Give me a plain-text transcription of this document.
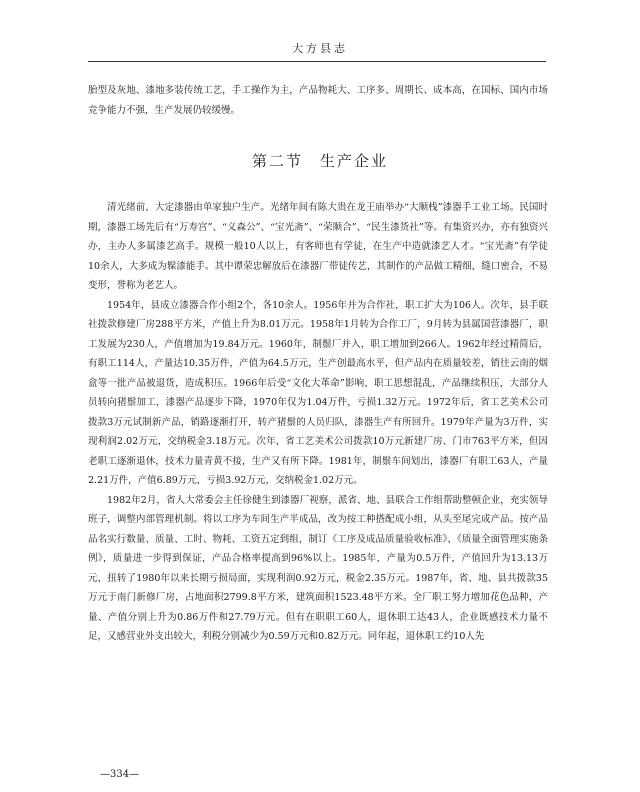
大方县志

胎型及灰地、漆地多装传统工艺，手工操作为主，产品物耗大、工序多、周期长、成本高，在国标、国内市场竞争能力不强，生产发展仍较缓慢。

第二节　生产企业

清光绪前，大定漆器由单家独户生产。光绪年间有陈大贵在龙王庙举办“大顺栈”漆器手工业工场。民国时期，漆器工场先后有“万寿宫”、“义森公”、“宝光斋”、“荣顺合”、“民生漆货社”等。有集资兴办，亦有独资兴办，主办人多属漆艺高手。规模一般10人以上，有客师也有学徒，在生产中造就漆艺人才。“宝光斋”有学徒10余人，大多成为髹漆能手。其中谭荣忠解放后在漆器厂带徒传艺，其制作的产品做工精细，缝口密合，不易变形，誉称为老艺人。

1954年，县成立漆器合作小组2个，各10余人。1956年并为合作社，职工扩大为106人。次年，县手联社拨款修建厂房288平方米，产值上升为8.01万元。1958年1月转为合作工厂，9月转为县属国营漆器厂，职工发展为230人，产值增加为19.84万元。1960年，制鬃厂并入，职工增加到266人。1962年经过精简后，有职工114人，产量达10.35万件，产值为64.5万元，生产创最高水平，但产品内在质量较差，销往云南的烟盒等一批产品被退货，造成积压。1966年后受“文化大革命”影响，职工思想混乱，产品继续积压，大部分人员转向猪鬃加工，漆器产品逐步下降，1970年仅为1.04万件，亏损1.32万元。1972年后，省工艺美术公司拨款3万元试制新产品，销路逐渐打开，转产猪鬃的人员归队，漆器生产有所回升。1979年产量为3万件，实现利润2.02万元，交纳税金3.18万元。次年，省工艺美术公司拨款10万元新建厂房、门市763平方米，但因老职工逐渐退休，技术力量青黄不接，生产又有所下降。1981年，制鬃车间划出，漆器厂有职工63人，产量2.21万件，产值6.89万元，亏损3.92万元，交纳税金1.02万元。

1982年2月，省人大常委会主任徐健生到漆器厂视察，派省、地、县联合工作组帮助整顿企业，充实领导班子，调整内部管理机制。将以工序为车间生产半成品，改为按工种搭配成小组，从头至尾完成产品。按产品品名实行数量、质量、工时、物耗、工资五定到组，制订《工序及成品质量验收标准》、《质量全面管理实施条例》，质量进一步得到保证，产品合格率提高到96%以上。1985年，产量为0.5万件，产值回升为13.13万元，扭转了1980年以来长期亏损局面，实现利润0.92万元，税金2.35万元。1987年，省、地、县共拨款35万元于南门新修厂房，占地面积2799.8平方米，建筑面积1523.48平方米。全厂职工努力增加花色品种，产量、产值分别上升为0.86万件和27.79万元。但有在职职工60人，退休职工达43人，企业既感技术力量不足，又感营业外支出较大，利税分别减少为0.59万元和0.82万元。同年起，退休职工约10人先

—334—
